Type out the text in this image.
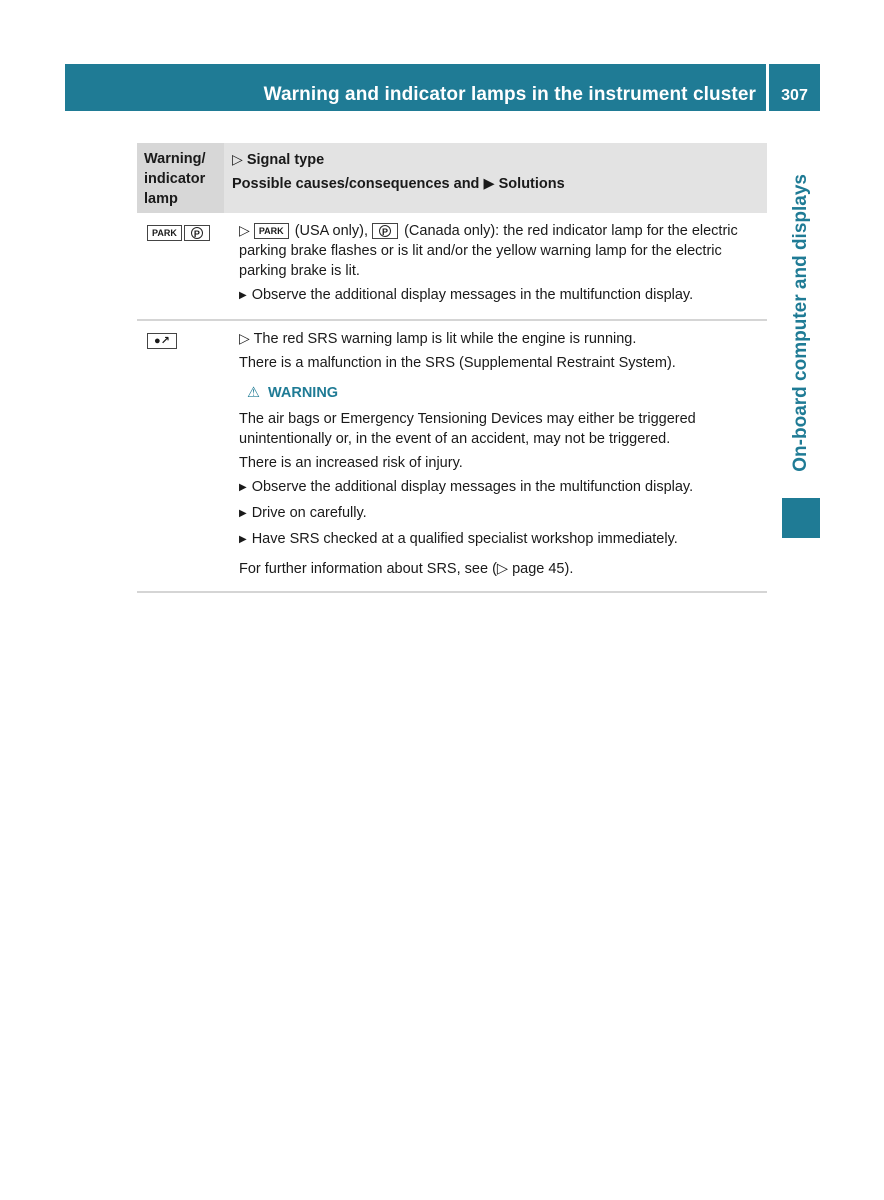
Warning and indicator lamps in the instrument cluster	307
On-board computer and displays
Warning/ indicator lamp
▷ Signal type
Possible causes/consequences and ▶ Solutions
PARK P	▷ PARK (USA only), P (Canada only): the red indicator lamp for the electric parking brake flashes or is lit and/or the yellow warning lamp for the electric parking brake is lit.

▶ Observe the additional display messages in the multifunction display.

●↗	▷ The red SRS warning lamp is lit while the engine is running.

There is a malfunction in the SRS (Supplemental Restraint System).

⚠ WARNING

The air bags or Emergency Tensioning Devices may either be triggered unintentionally or, in the event of an accident, may not be triggered.

There is an increased risk of injury.

▶ Observe the additional display messages in the multifunction display.

▶ Drive on carefully.

▶ Have SRS checked at a qualified specialist workshop immediately.

For further information about SRS, see (▷ page 45).
